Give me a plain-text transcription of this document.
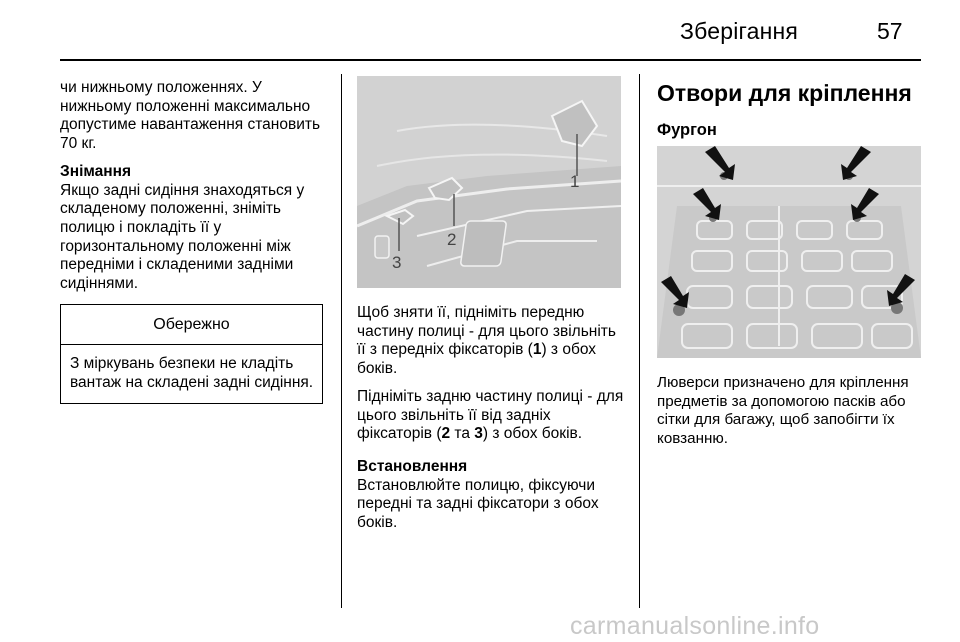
Зберігання	57

чи нижньому положеннях. У нижньому положенні максимально допустиме навантаження становить 70 кг.

Знімання
Якщо задні сидіння знаходяться у складеному положенні, зніміть полицю і покладіть її у горизонтальному положенні між передніми і складеними задніми сидіннями.

Обережно
З міркувань безпеки не кладіть вантаж на складені задні сидіння.
1
2
3

Щоб зняти її, підніміть передню частину полиці - для цього звільніть її з передніх фіксаторів (1) з обох боків.

Підніміть задню частину полиці - для цього звільніть її від задніх фіксаторів (2 та 3) з обох боків.

Встановлення
Встановлюйте полицю, фіксуючи передні та задні фіксатори з обох боків.

Отвори для кріплення
Фургон

Люверси призначено для кріплення предметів за допомогою пасків або сітки для багажу, щоб запобігти їх ковзанню.

carmanualsonline.info
